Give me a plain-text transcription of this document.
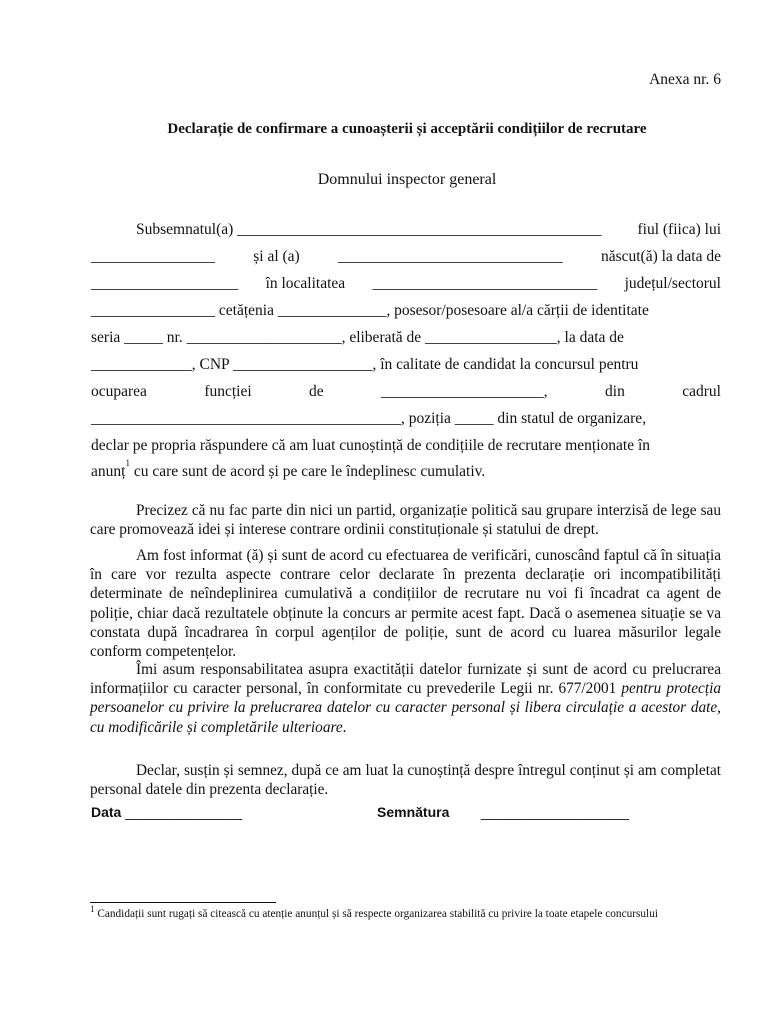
Anexa nr. 6
Declarație de confirmare a cunoașterii și acceptării condițiilor de recrutare
Domnului inspector general
Subsemnatul(a) _______________________________________________ fiul (fiica) lui
________________ și al (a) _____________________________ născut(ă) la data de
___________________ în localitatea _____________________________ județul/sectorul
________________ cetățenia ______________, posesor/posesoare al/a cărții de identitate
seria _____ nr. ____________________, eliberată de _________________, la data de
_____________, CNP __________________, în calitate de candidat la concursul pentru
ocuparea	funcției	de	_____________________,	din	cadrul
________________________________________, poziția _____ din statul de organizare,
declar pe propria răspundere că am luat cunoștință de condițiile de recrutare menționate în
anunț 1 cu care sunt de acord și pe care le îndeplinesc cumulativ.
Precizez că nu fac parte din nici un partid, organizație politică sau grupare interzisă de lege sau care promovează idei și interese contrare ordinii constituționale și statului de drept.
Am fost informat (ă) și sunt de acord cu efectuarea de verificări, cunoscând faptul că în situația în care vor rezulta aspecte contrare celor declarate în prezenta declarație ori incompatibilități determinate de neîndeplinirea cumulativă a condițiilor de recrutare nu voi fi încadrat ca agent de poliție, chiar dacă rezultatele obținute la concurs ar permite acest fapt. Dacă o asemenea situație se va constata după încadrarea în corpul agenților de poliție, sunt de acord cu luarea măsurilor legale conform competențelor.
Îmi asum responsabilitatea asupra exactității datelor furnizate și sunt de acord cu prelucrarea informațiilor cu caracter personal, în conformitate cu prevederile Legii nr. 677/2001 pentru protecția persoanelor cu privire la prelucrarea datelor cu caracter personal și libera circulație a acestor date, cu modificările și completările ulterioare.
Declar, susțin și semnez, după ce am luat la cunoștință despre întregul conținut și am completat personal datele din prezenta declarație.
Data _______________	Semnătura ___________________
$^1$ Candidații sunt rugați să citească cu atenție anunțul și să respecte organizarea stabilită cu privire la toate etapele concursului
